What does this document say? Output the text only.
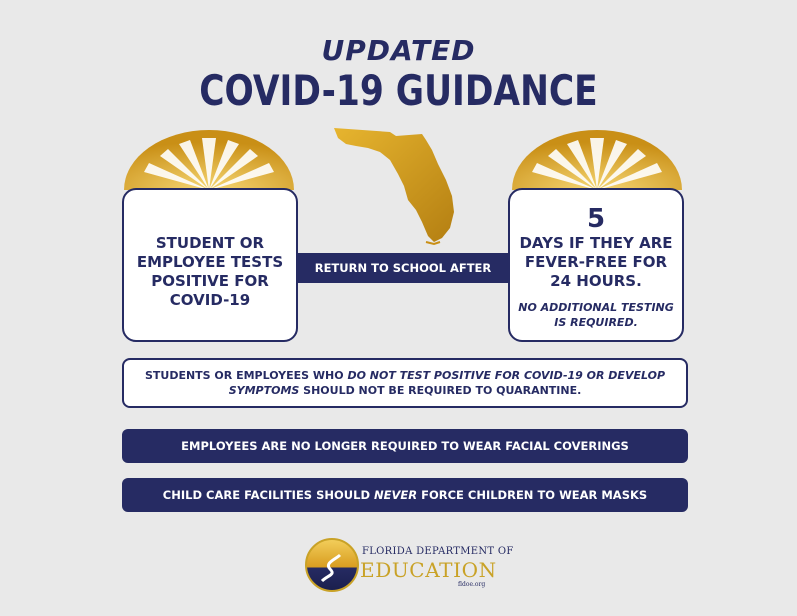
UPDATED
COVID-19 GUIDANCE
STUDENT OR EMPLOYEE TESTS POSITIVE FOR COVID-19
RETURN TO SCHOOL AFTER
5
DAYS IF THEY ARE FEVER-FREE FOR 24 HOURS.
NO ADDITIONAL TESTING IS REQUIRED.
STUDENTS OR EMPLOYEES WHO DO NOT TEST POSITIVE FOR COVID-19 OR DEVELOP SYMPTOMS SHOULD NOT BE REQUIRED TO QUARANTINE.
EMPLOYEES ARE NO LONGER REQUIRED TO WEAR FACIAL COVERINGS
CHILD CARE FACILITIES SHOULD NEVER FORCE CHILDREN TO WEAR MASKS
FLORIDA DEPARTMENT OF
EDUCATION
fldoe.org
